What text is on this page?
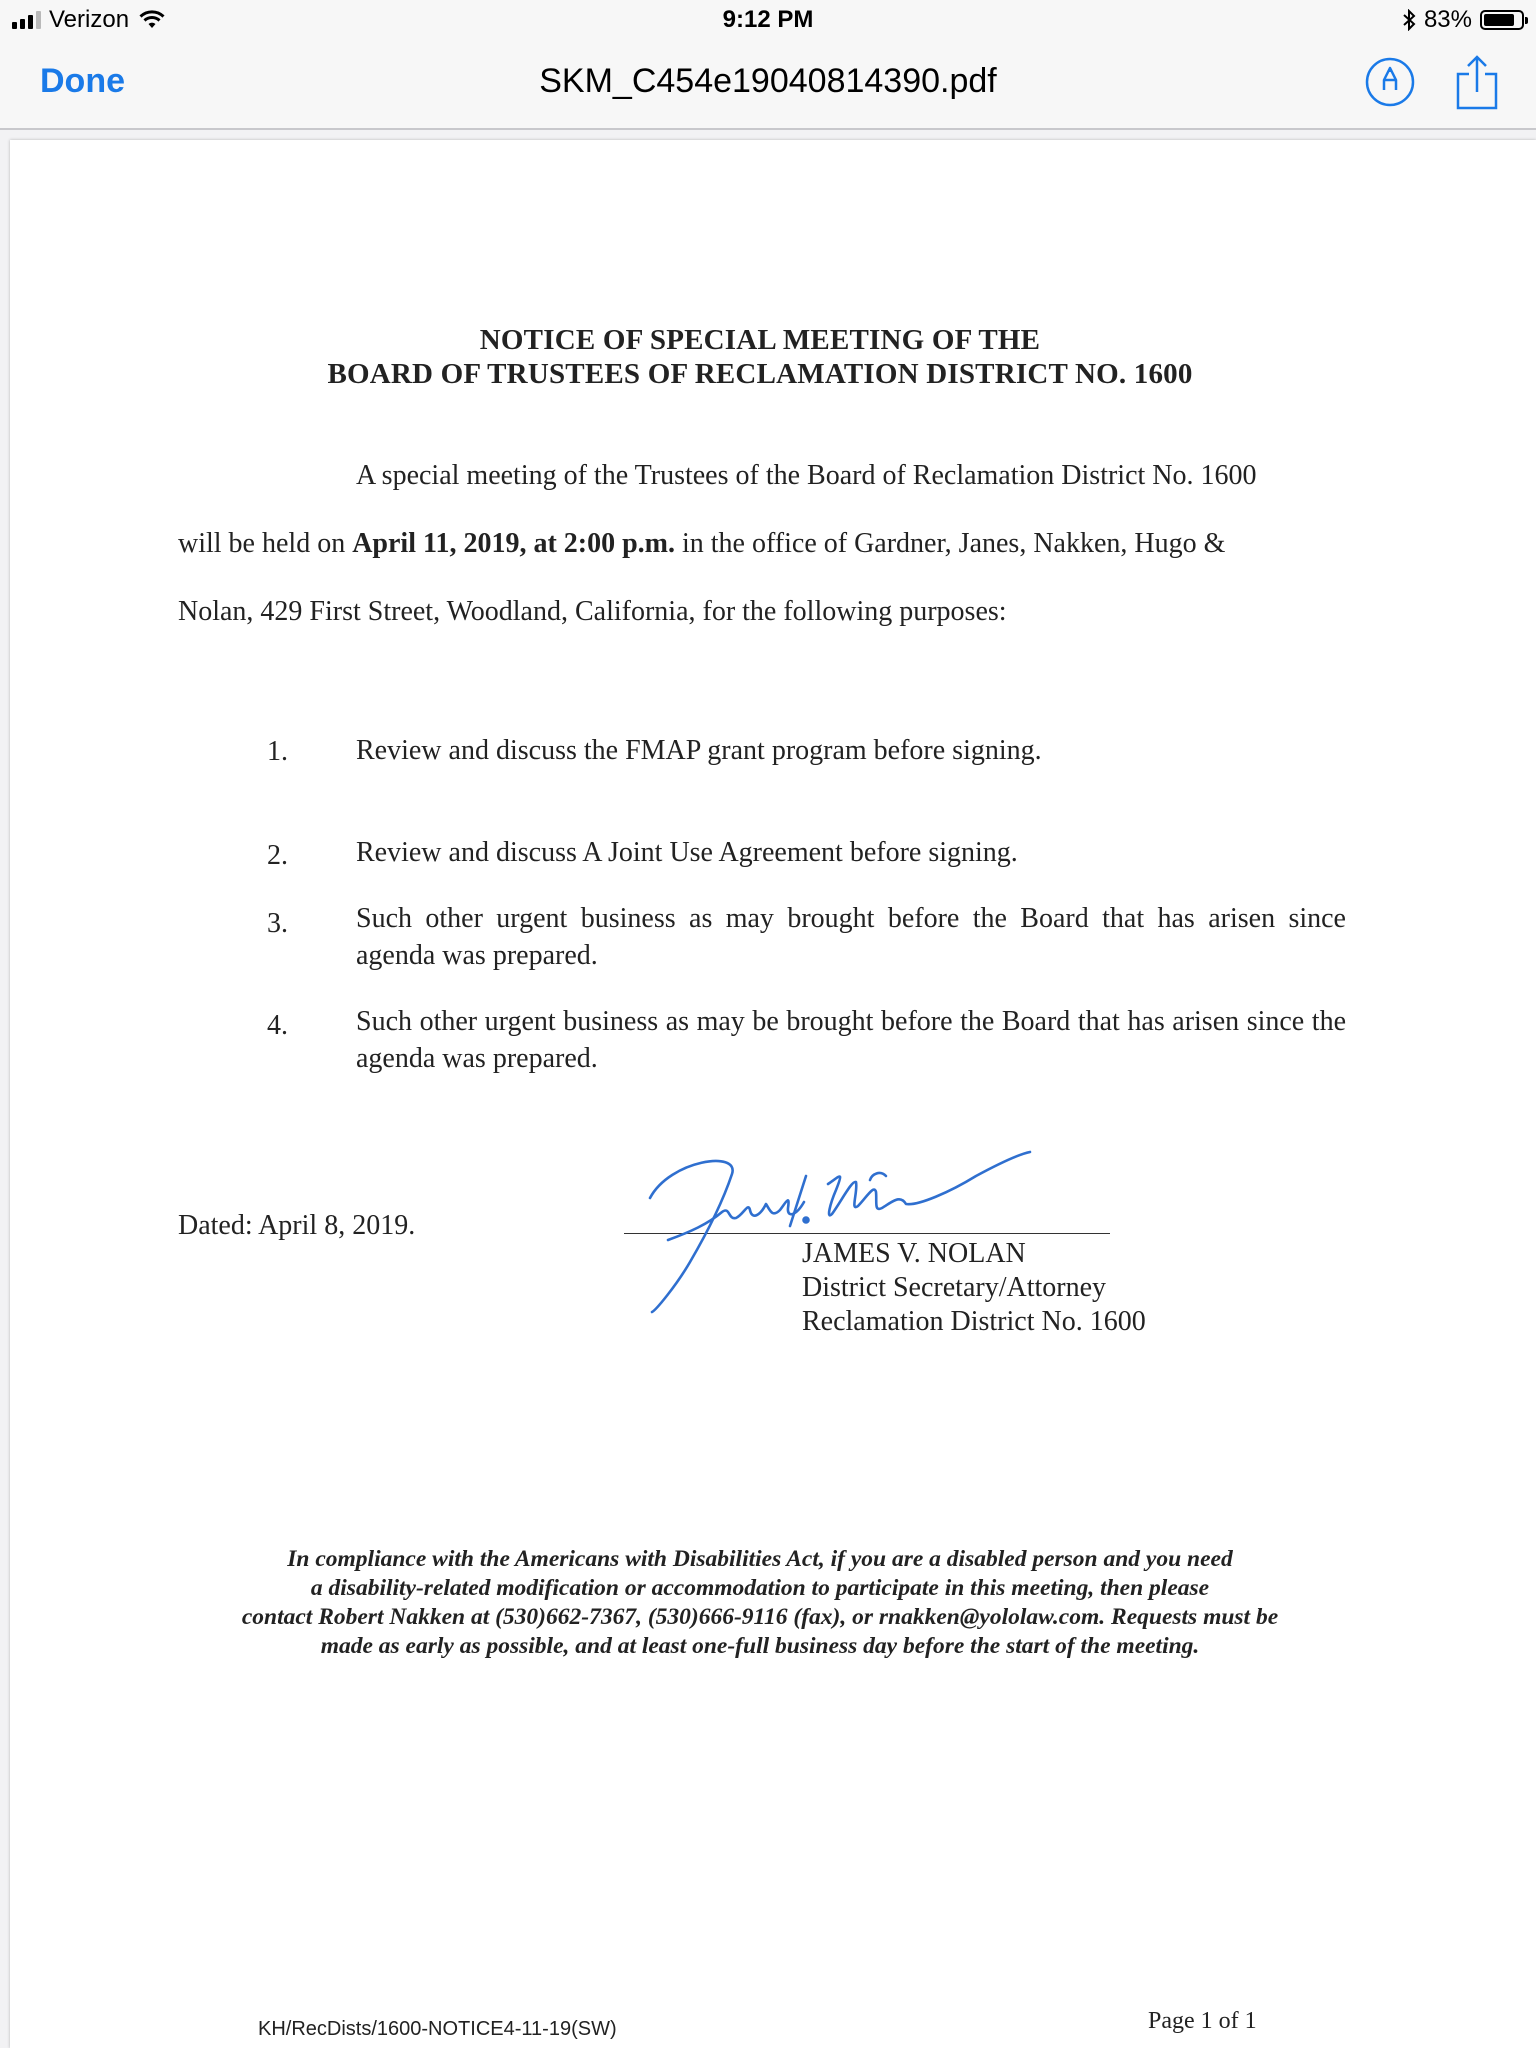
Verizon	9:12 PM	83%
Done	SKM_C454e19040814390.pdf
NOTICE OF SPECIAL MEETING OF THE
BOARD OF TRUSTEES OF RECLAMATION DISTRICT NO. 1600
A special meeting of the Trustees of the Board of Reclamation District No. 1600
will be held on April 11, 2019, at 2:00 p.m. in the office of Gardner, Janes, Nakken, Hugo &
Nolan, 429 First Street, Woodland, California, for the following purposes:
1. Review and discuss the FMAP grant program before signing.
2. Review and discuss A Joint Use Agreement before signing.
3. Such other urgent business as may brought before the Board that has arisen since agenda was prepared.
4. Such other urgent business as may be brought before the Board that has arisen since the agenda was prepared.
Dated: April 8, 2019.
JAMES V. NOLAN
District Secretary/Attorney
Reclamation District No. 1600
In compliance with the Americans with Disabilities Act, if you are a disabled person and you need
a disability-related modification or accommodation to participate in this meeting, then please
contact Robert Nakken at (530)662-7367, (530)666-9116 (fax), or rnakken@yololaw.com. Requests must be
made as early as possible, and at least one-full business day before the start of the meeting.
KH/RecDists/1600-NOTICE4-11-19(SW)	Page 1 of 1
